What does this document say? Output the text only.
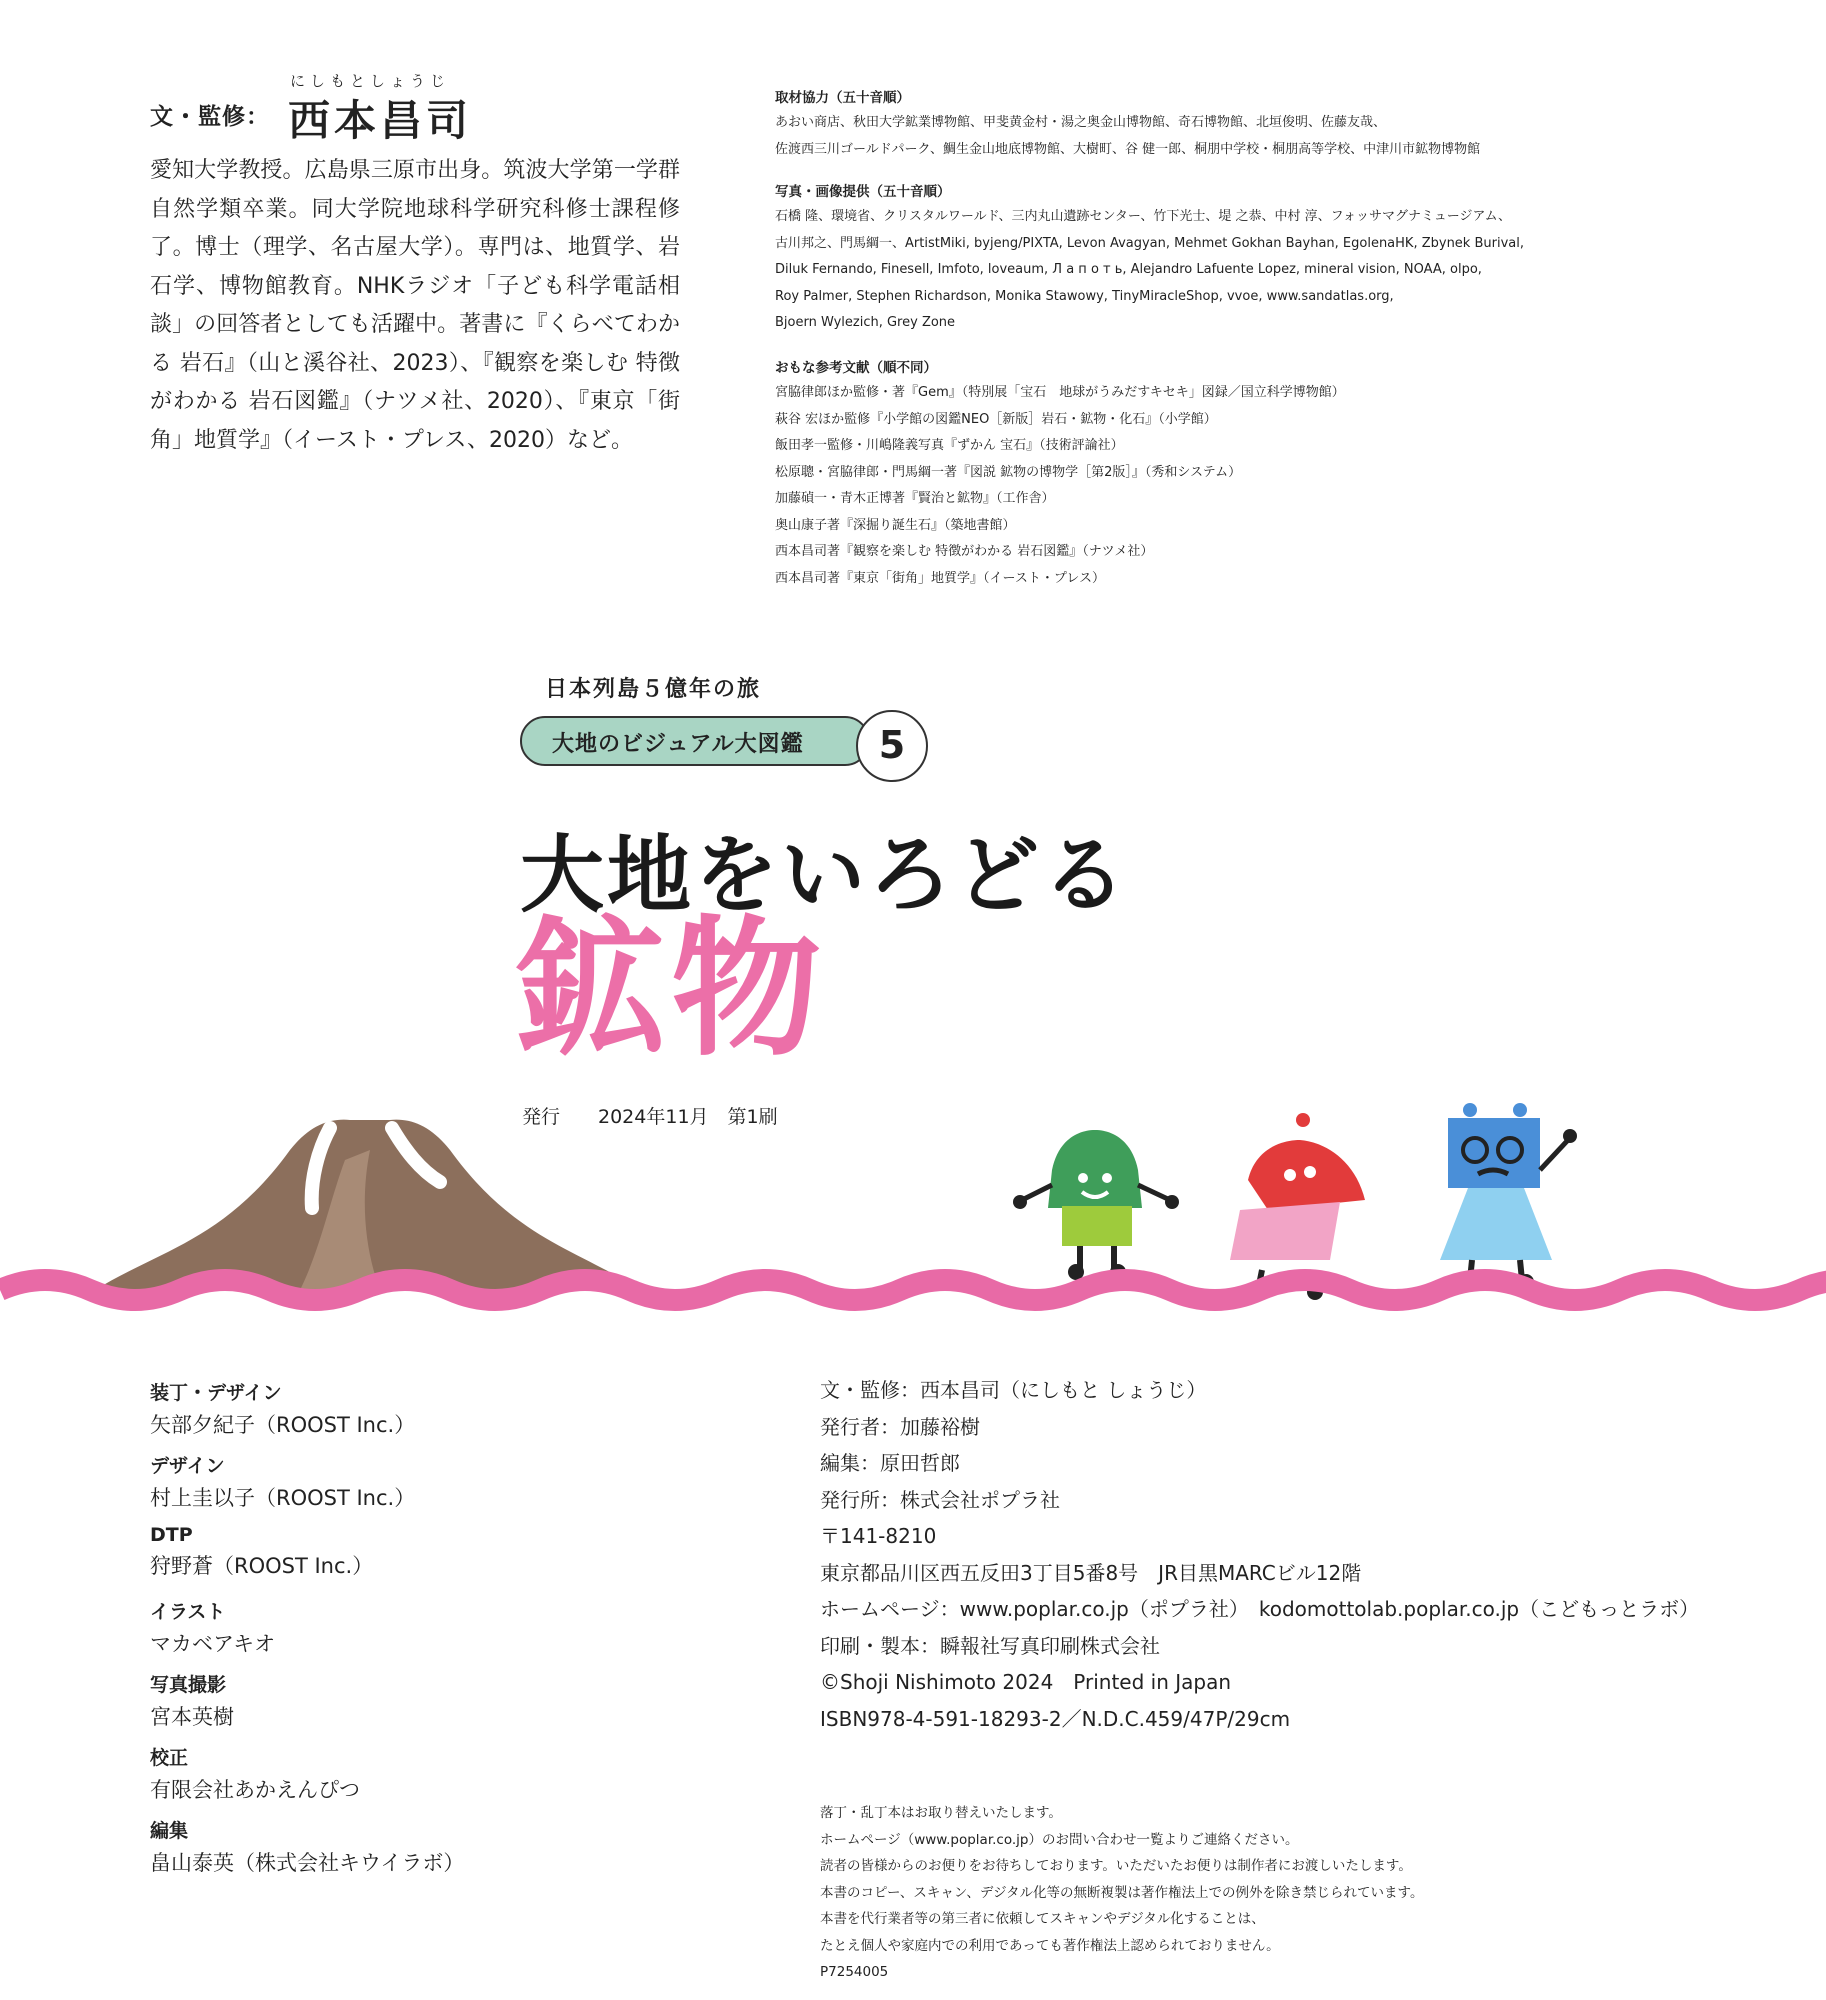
にしもとしょうじ
文・監修： 西本昌司
愛知大学教授。広島県三原市出身。筑波大学第一学群自然学類卒業。同大学院地球科学研究科修士課程修了。博士（理学、名古屋大学）。専門は、地質学、岩石学、博物館教育。NHKラジオ「子ども科学電話相談」の回答者としても活躍中。著書に『くらべてわかる 岩石』（山と溪谷社、2023）、『観察を楽しむ 特徴がわかる 岩石図鑑』（ナツメ社、2020）、『東京「街角」地質学』（イースト・プレス、2020）など。
取材協力（五十音順）
あおい商店、秋田大学鉱業博物館、甲斐黄金村・湯之奥金山博物館、奇石博物館、北垣俊明、佐藤友哉、
佐渡西三川ゴールドパーク、鯛生金山地底博物館、大樹町、谷 健一郎、桐朋中学校・桐朋高等学校、中津川市鉱物博物館
写真・画像提供（五十音順）
石橋 隆、環境省、クリスタルワールド、三内丸山遺跡センター、竹下光士、堤 之恭、中村 淳、フォッサマグナミュージアム、
古川邦之、門馬綱一、ArtistMiki, byjeng/PIXTA, Levon Avagyan, Mehmet Gokhan Bayhan, EgolenaHK, Zbynek Burival,
Diluk Fernando, Finesell, Imfoto, loveaum, Л а п о т ь, Alejandro Lafuente Lopez, mineral vision, NOAA, olpo,
Roy Palmer, Stephen Richardson, Monika Stawowy, TinyMiracleShop, vvoe, www.sandatlas.org,
Bjoern Wylezich, Grey Zone
おもな参考文献（順不同）
宮脇律郎ほか監修・著『Gem』（特別展「宝石　地球がうみだすキセキ」図録／国立科学博物館）
萩谷 宏ほか監修『小学館の図鑑NEO［新版］岩石・鉱物・化石』（小学館）
飯田孝一監修・川嶋隆義写真『ずかん 宝石』（技術評論社）
松原聰・宮脇律郎・門馬綱一著『図説 鉱物の博物学［第2版］』（秀和システム）
加藤碵一・青木正博著『賢治と鉱物』（工作舎）
奥山康子著『深掘り誕生石』（築地書館）
西本昌司著『観察を楽しむ 特徴がわかる 岩石図鑑』（ナツメ社）
西本昌司著『東京「街角」地質学』（イースト・プレス）
日本列島５億年の旅
大地のビジュアル大図鑑	5
大地をいろどる
鉱物
発行　　2024年11月　第1刷
装丁・デザイン
矢部夕紀子（ROOST Inc.）
デザイン
村上圭以子（ROOST Inc.）
DTP
狩野蒼（ROOST Inc.）
イラスト
マカベアキオ
写真撮影
宮本英樹
校正
有限会社あかえんぴつ
編集
畠山泰英（株式会社キウイラボ）
文・監修：西本昌司（にしもと しょうじ）
発行者：加藤裕樹
編集：原田哲郎
発行所：株式会社ポプラ社
〒141-8210
東京都品川区西五反田3丁目5番8号　JR目黒MARCビル12階
ホームページ：www.poplar.co.jp（ポプラ社）　kodomottolab.poplar.co.jp（こどもっとラボ）
印刷・製本：瞬報社写真印刷株式会社
©Shoji Nishimoto 2024　Printed in Japan
ISBN978-4-591-18293-2／N.D.C.459/47P/29cm
落丁・乱丁本はお取り替えいたします。
ホームページ（www.poplar.co.jp）のお問い合わせ一覧よりご連絡ください。
読者の皆様からのお便りをお待ちしております。いただいたお便りは制作者にお渡しいたします。
本書のコピー、スキャン、デジタル化等の無断複製は著作権法上での例外を除き禁じられています。
本書を代行業者等の第三者に依頼してスキャンやデジタル化することは、
たとえ個人や家庭内での利用であっても著作権法上認められておりません。
P7254005
